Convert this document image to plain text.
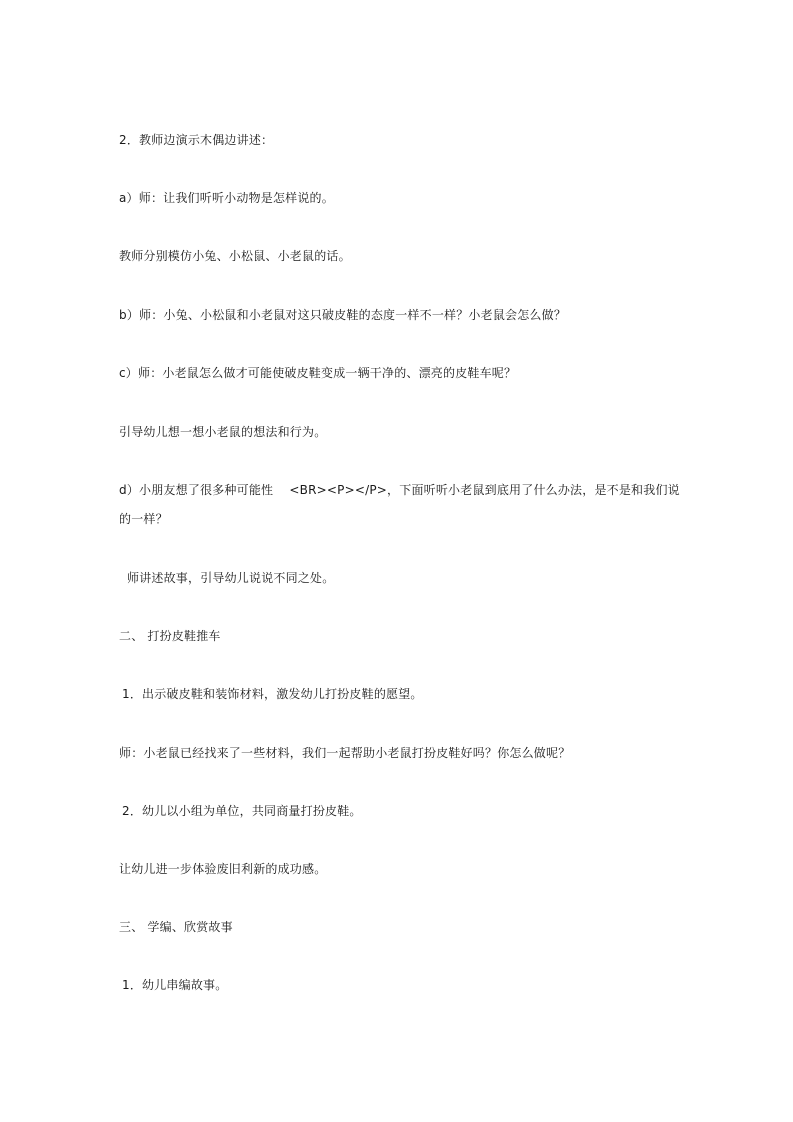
2．教师边演示木偶边讲述：
a）师：让我们听听小动物是怎样说的。
教师分别模仿小兔、小松鼠、小老鼠的话。
b）师：小兔、小松鼠和小老鼠对这只破皮鞋的态度一样不一样？小老鼠会怎么做？
c）师：小老鼠怎么做才可能使破皮鞋变成一辆干净的、漂亮的皮鞋车呢？
引导幼儿想一想小老鼠的想法和行为。
d）小朋友想了很多种可能性 　<BR><P></P>，下面听听小老鼠到底用了什么办法，是不是和我们说
的一样？
师讲述故事，引导幼儿说说不同之处。
二、 打扮皮鞋推车
1．出示破皮鞋和装饰材料，激发幼儿打扮皮鞋的愿望。
师：小老鼠已经找来了一些材料，我们一起帮助小老鼠打扮皮鞋好吗？你怎么做呢？
2．幼儿以小组为单位，共同商量打扮皮鞋。
让幼儿进一步体验废旧利新的成功感。
三、 学编、欣赏故事
1．幼儿串编故事。
